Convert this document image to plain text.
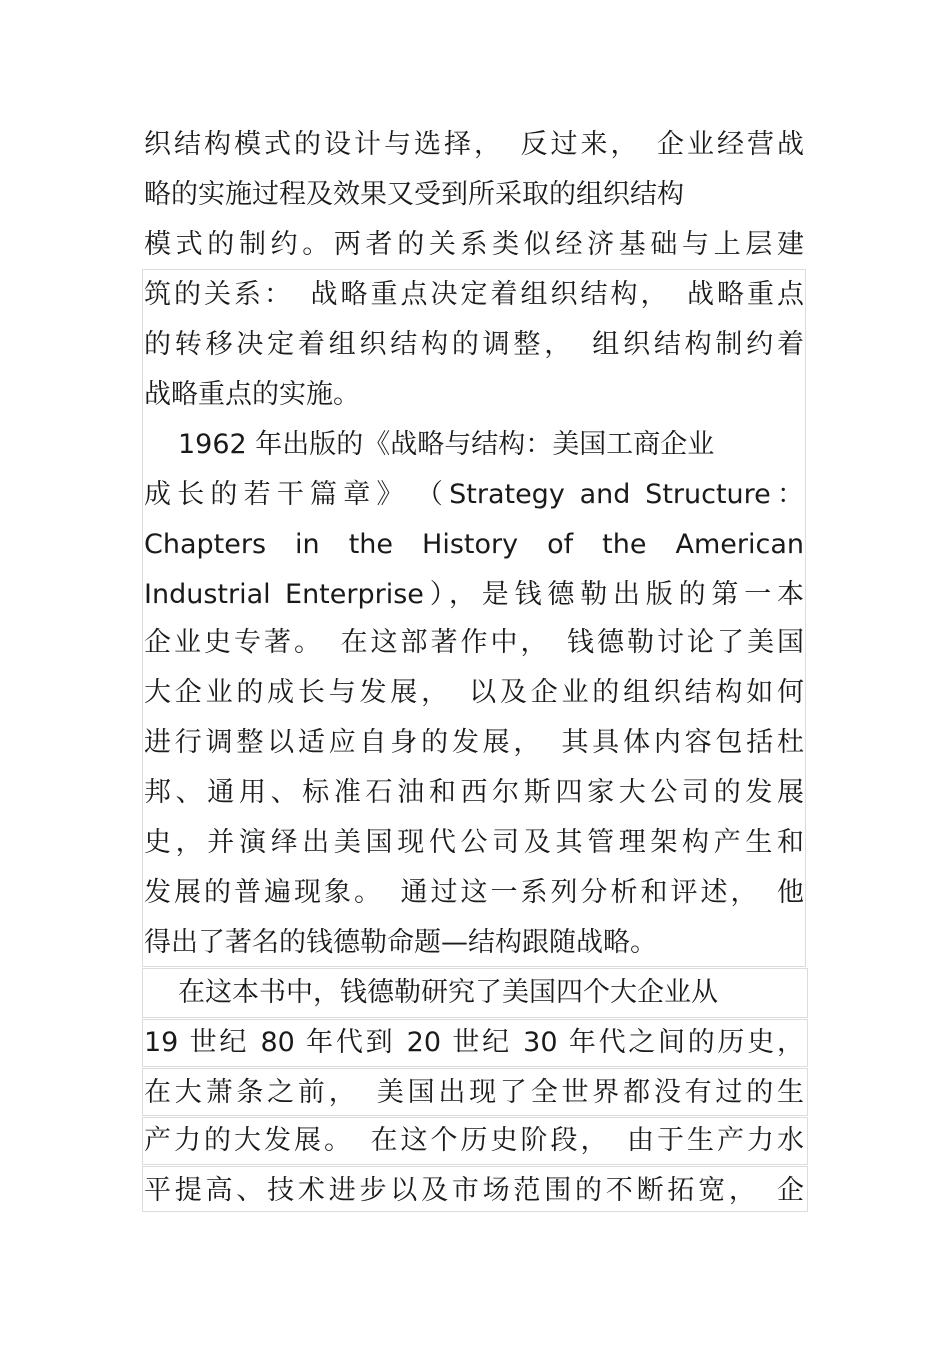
织结构模式的设计与选择，　反过来，　企业经营战
略的实施过程及效果又受到所采取的组织结构
模式的制约。两者的关系类似经济基础与上层建
筑的关系：　战略重点决定着组织结构，　战略重点
的转移决定着组织结构的调整，　组织结构制约着
战略重点的实施。
1962 年出版的《战略与结构：美国工商企业
成长的若干篇章》　（Strategy and Structure：
Chapters in the History of the American
Industrial Enterprise），是钱德勒出版的第一本
企业史专著。　在这部著作中，　钱德勒讨论了美国
大企业的成长与发展，　以及企业的组织结构如何
进行调整以适应自身的发展，　其具体内容包括杜
邦、通用、标准石油和西尔斯四家大公司的发展
史，并演绎出美国现代公司及其管理架构产生和
发展的普遍现象。　通过这一系列分析和评述，　他
得出了著名的钱德勒命题—结构跟随战略。
在这本书中，钱德勒研究了美国四个大企业从
19 世纪 80 年代到 20 世纪 30 年代之间的历史，
在大萧条之前，　美国出现了全世界都没有过的生
产力的大发展。　在这个历史阶段，　由于生产力水
平提高、技术进步以及市场范围的不断拓宽，　企
